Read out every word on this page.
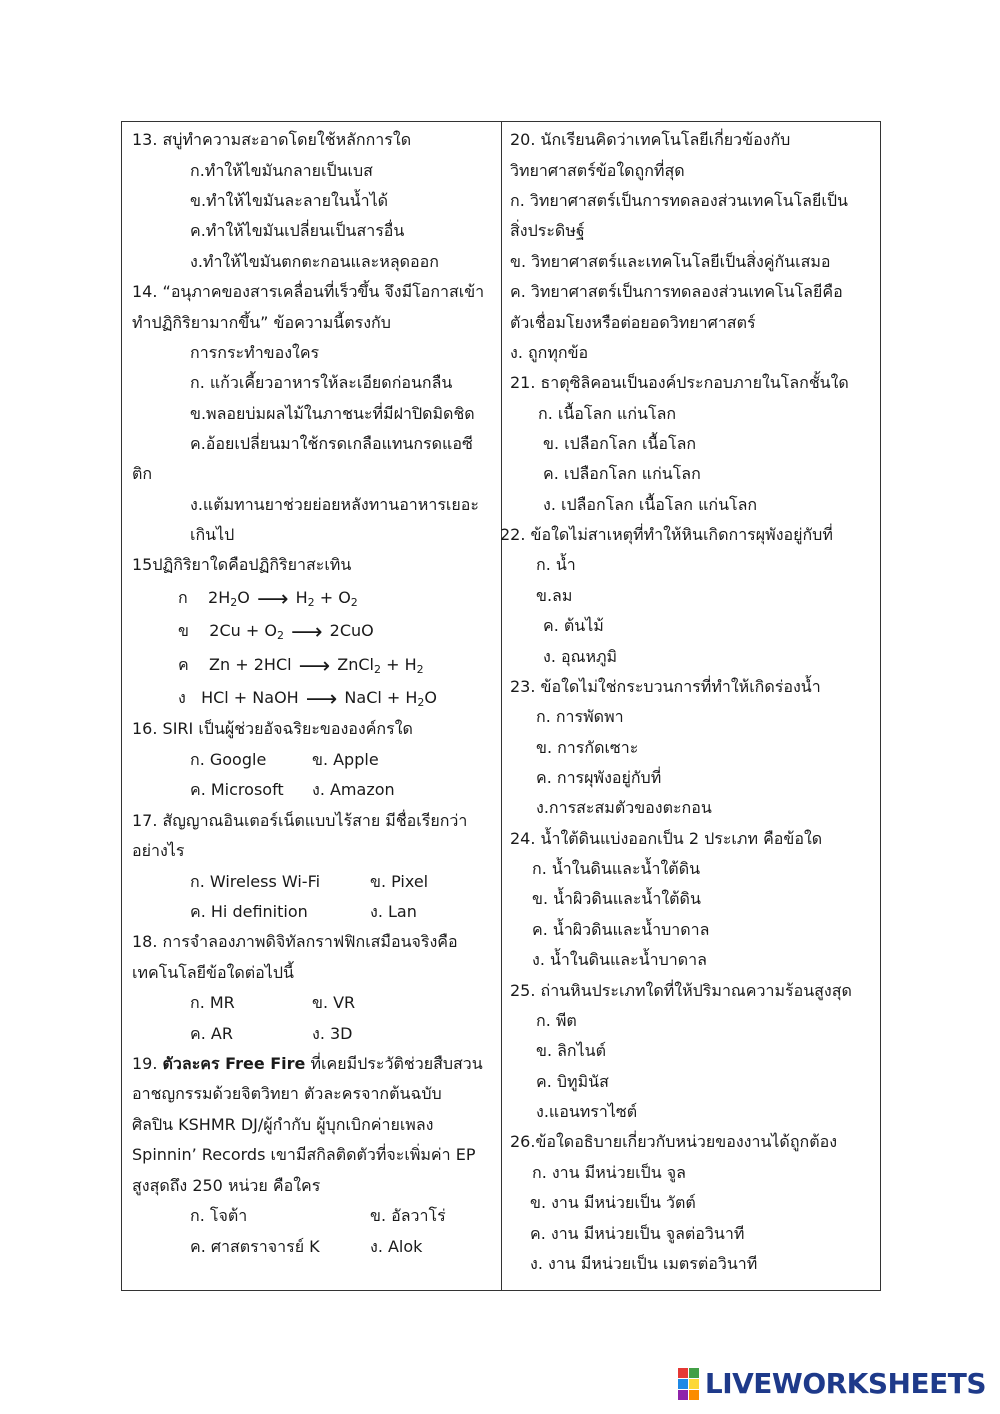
13. สบู่ทำความสะอาดโดยใช้หลักการใด
ก.ทำให้ไขมันกลายเป็นเบส
ข.ทำให้ไขมันละลายในน้ำได้
ค.ทำให้ไขมันเปลี่ยนเป็นสารอื่น
ง.ทำให้ไขมันตกตะกอนและหลุดออก
14. “อนุภาคของสารเคลื่อนที่เร็วขึ้น จึงมีโอกาสเข้า
ทำปฏิกิริยามากขึ้น” ข้อความนี้ตรงกับ
การกระทำของใคร
ก. แก้วเคี้ยวอาหารให้ละเอียดก่อนกลืน
ข.พลอยบ่มผลไม้ในภาชนะที่มีฝาปิดมิดชิด
ค.อ้อยเปลี่ยนมาใช้กรดเกลือแทนกรดแอซี
ติก
ง.แต้มทานยาช่วยย่อยหลังทานอาหารเยอะ
เกินไป
15ปฏิกิริยาใดคือปฏิกิริยาสะเทิน
ก    $2H_2O$ ⟶ $H_2 + O_2$
ข    $2Cu + O_2$ ⟶ 2CuO
ค    Zn + 2HCl ⟶ ZnCl$_2$ + $H_2$
ง   HCl + NaOH ⟶ NaCl + $H_2O$
16. SIRI เป็นผู้ช่วยอัจฉริยะขององค์กรใด
ก. Google	ข. Apple
ค. Microsoft ง. Amazon
17. สัญญาณอินเตอร์เน็ตแบบไร้สาย มีชื่อเรียกว่า
อย่างไร
ก. Wireless Wi-Fi	ข. Pixel
ค. Hi definition	ง. Lan
18. การจำลองภาพดิจิทัลกราฟฟิกเสมือนจริงคือ
เทคโนโลยีข้อใดต่อไปนี้
ก. MR	ข. VR
ค. AR	ง. 3D
19. ตัวละคร Free Fire ที่เคยมีประวัติช่วยสืบสวน
อาชญกรรมด้วยจิตวิทยา ตัวละครจากต้นฉบับ
ศิลปิน KSHMR DJ/ผู้กำกับ ผู้บุกเบิกค่ายเพลง
Spinnin’ Records เขามีสกิลติดตัวที่จะเพิ่มค่า EP
สูงสุดถึง 250 หน่วย คือใคร
ก. โจต้า	ข. อัลวาโร่
ค. ศาสตราจารย์ K	ง. Alok
20. นักเรียนคิดว่าเทคโนโลยีเกี่ยวข้องกับ
วิทยาศาสตร์ข้อใดถูกที่สุด
ก. วิทยาศาสตร์เป็นการทดลองส่วนเทคโนโลยีเป็น
สิ่งประดิษฐ์
ข. วิทยาศาสตร์และเทคโนโลยีเป็นสิ่งคู่กันเสมอ
ค. วิทยาศาสตร์เป็นการทดลองส่วนเทคโนโลยีคือ
ตัวเชื่อมโยงหรือต่อยอดวิทยาศาสตร์
ง. ถูกทุกข้อ
21. ธาตุซิลิคอนเป็นองค์ประกอบภายในโลกชั้นใด
ก. เนื้อโลก แก่นโลก
ข. เปลือกโลก เนื้อโลก
ค. เปลือกโลก แก่นโลก
ง. เปลือกโลก เนื้อโลก แก่นโลก
22. ข้อใดไม่สาเหตุที่ทำให้หินเกิดการผุพังอยู่กับที่
ก. น้ำ
ข.ลม
ค. ต้นไม้
ง. อุณหภูมิ
23. ข้อใดไม่ใช่กระบวนการที่ทำให้เกิดร่องน้ำ
ก. การพัดพา
ข. การกัดเซาะ
ค. การผุพังอยู่กับที่
ง.การสะสมตัวของตะกอน
24. น้ำใต้ดินแบ่งออกเป็น 2 ประเภท คือข้อใด
ก. น้ำในดินและน้ำใต้ดิน
ข. น้ำผิวดินและน้ำใต้ดิน
ค. น้ำผิวดินและน้ำบาดาล
ง. น้ำในดินและน้ำบาดาล
25. ถ่านหินประเภทใดที่ให้ปริมาณความร้อนสูงสุด
ก. พีต
ข. ลิกไนต์
ค. บิทูมินัส
ง.แอนทราไซต์
26.ข้อใดอธิบายเกี่ยวกับหน่วยของงานได้ถูกต้อง
ก. งาน มีหน่วยเป็น จูล
ข. งาน มีหน่วยเป็น วัตต์
ค. งาน มีหน่วยเป็น จูลต่อวินาที
ง. งาน มีหน่วยเป็น เมตรต่อวินาที
LIVEWORKSHEETS
